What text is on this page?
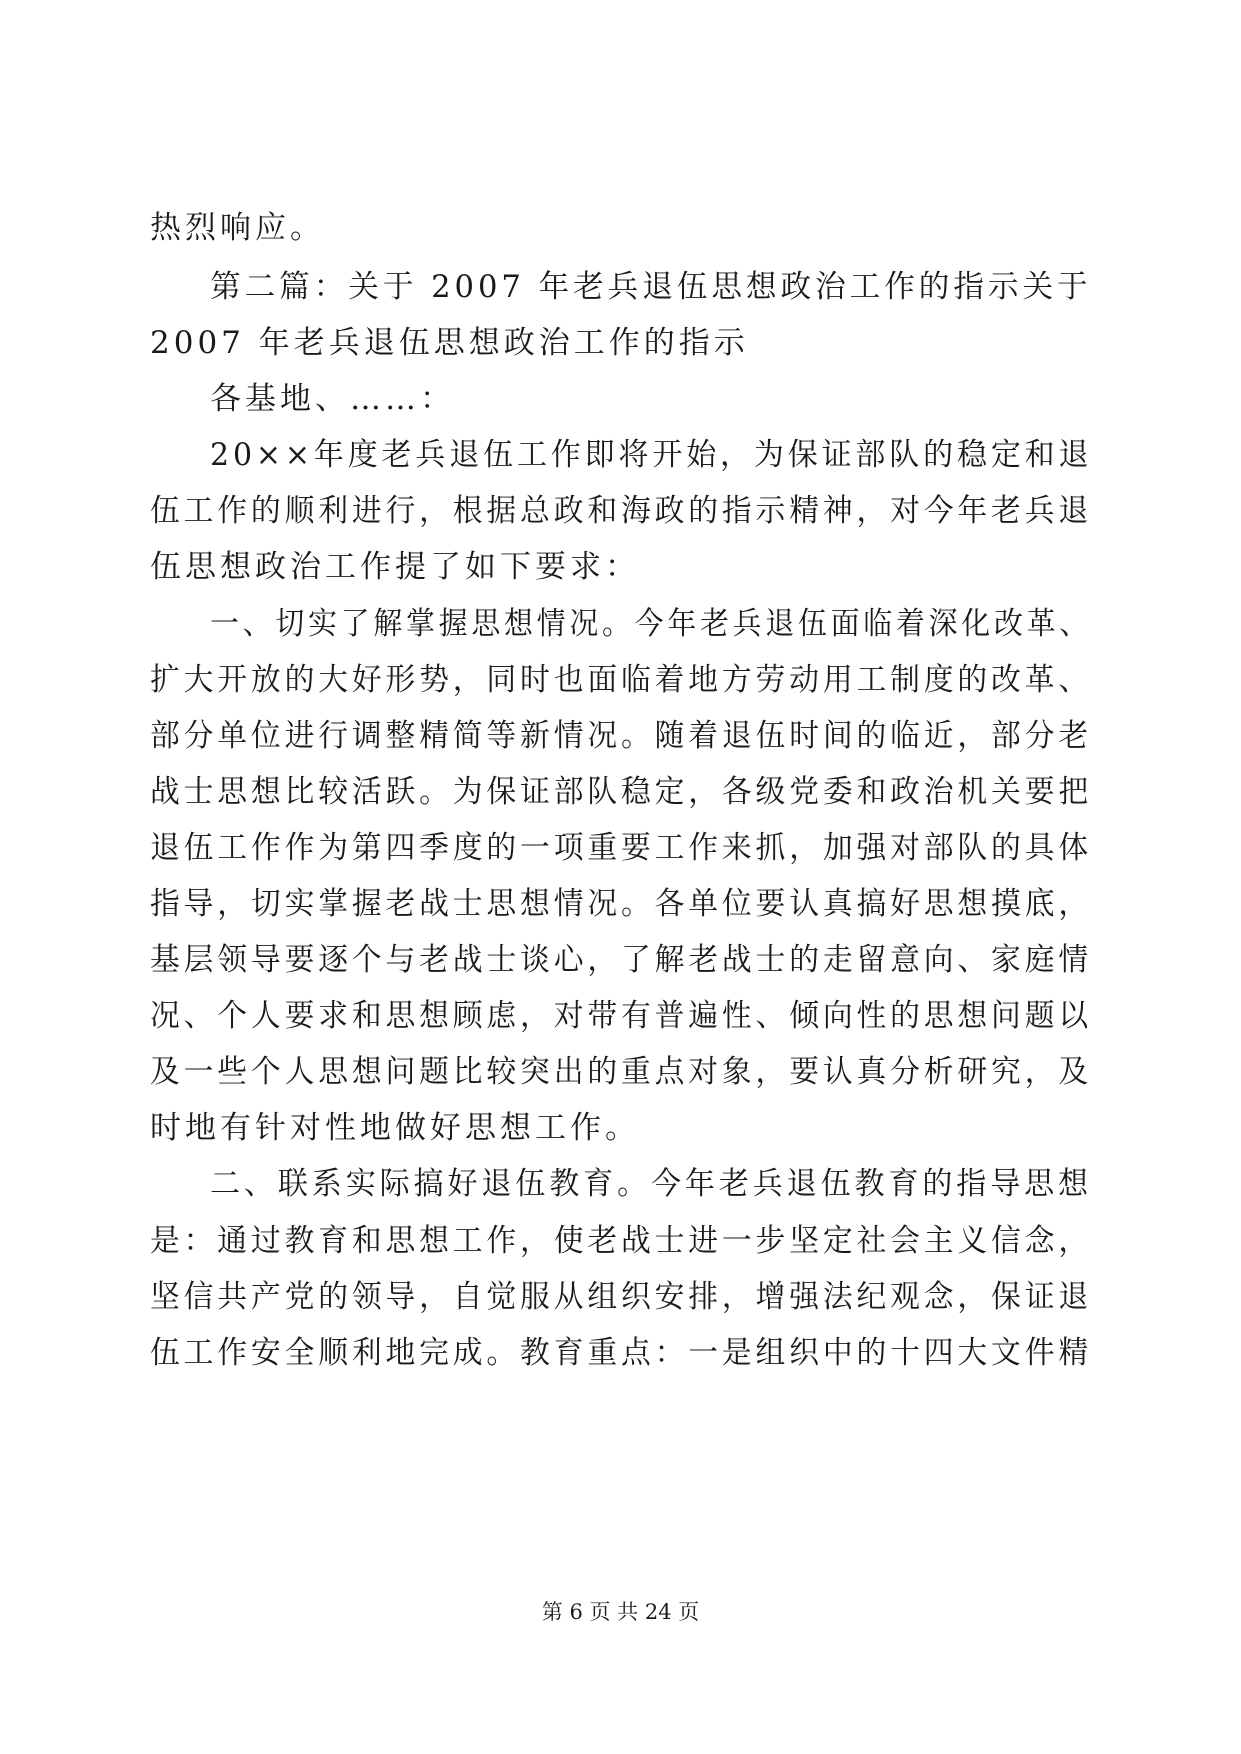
热烈响应。
第二篇：关于 2007 年老兵退伍思想政治工作的指示关于
2007 年老兵退伍思想政治工作的指示
各基地、……：
20××年度老兵退伍工作即将开始，为保证部队的稳定和退
伍工作的顺利进行，根据总政和海政的指示精神，对今年老兵退
伍思想政治工作提了如下要求：
一、切实了解掌握思想情况。今年老兵退伍面临着深化改革、
扩大开放的大好形势，同时也面临着地方劳动用工制度的改革、
部分单位进行调整精简等新情况。随着退伍时间的临近，部分老
战士思想比较活跃。为保证部队稳定，各级党委和政治机关要把
退伍工作作为第四季度的一项重要工作来抓，加强对部队的具体
指导，切实掌握老战士思想情况。各单位要认真搞好思想摸底，
基层领导要逐个与老战士谈心，了解老战士的走留意向、家庭情
况、个人要求和思想顾虑，对带有普遍性、倾向性的思想问题以
及一些个人思想问题比较突出的重点对象，要认真分析研究，及
时地有针对性地做好思想工作。
二、联系实际搞好退伍教育。今年老兵退伍教育的指导思想
是：通过教育和思想工作，使老战士进一步坚定社会主义信念，
坚信共产党的领导，自觉服从组织安排，增强法纪观念，保证退
伍工作安全顺利地完成。教育重点：一是组织中的十四大文件精
第 6 页 共 24 页
